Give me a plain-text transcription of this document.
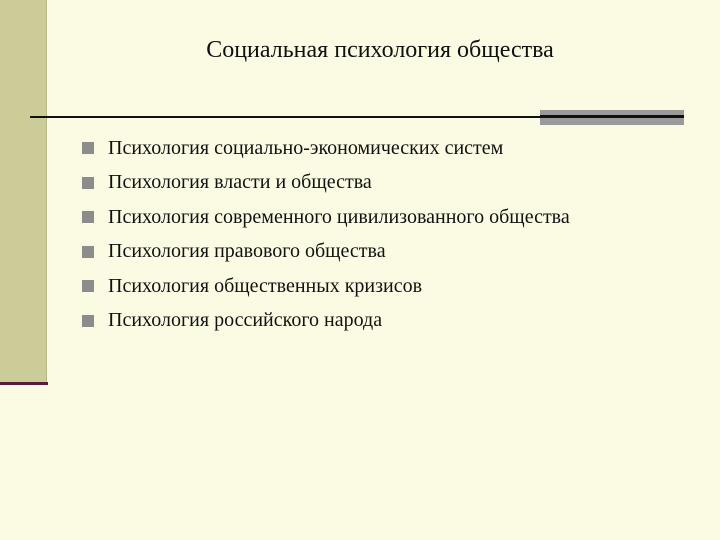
Социальная психология общества
Психология социально-экономических систем
Психология власти и общества
Психология современного цивилизованного общества
Психология правового общества
Психология общественных кризисов
Психология российского народа
